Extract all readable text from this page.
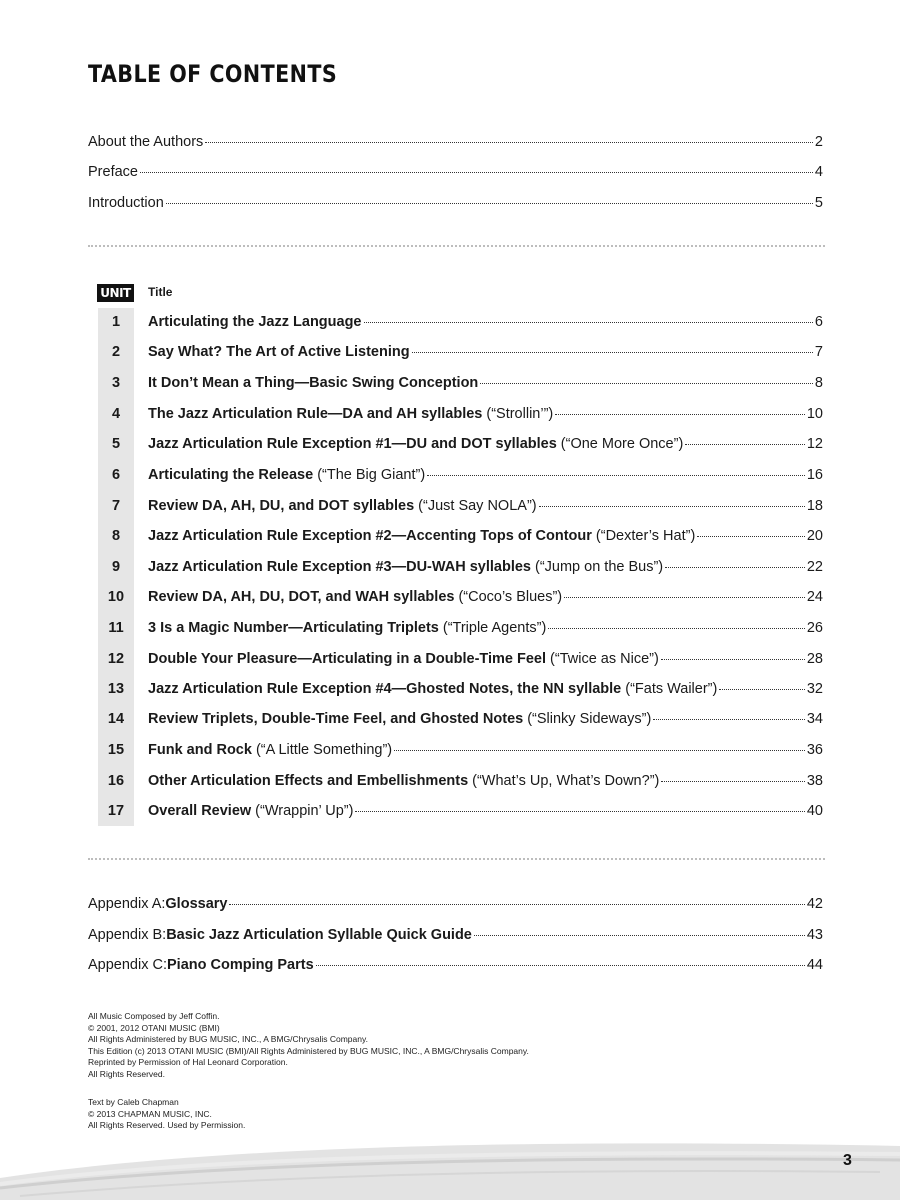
TABLE OF CONTENTS
About the Authors	2
Preface	4
Introduction	5
UNIT Title
1	Articulating the Jazz Language	6
2	Say What? The Art of Active Listening	7
3	It Don’t Mean a Thing—Basic Swing Conception	8
4	The Jazz Articulation Rule—DA and AH syllables (“Strollin’”)	10
5	Jazz Articulation Rule Exception #1—DU and DOT syllables (“One More Once”)	12
6	Articulating the Release (“The Big Giant”)	16
7	Review DA, AH, DU, and DOT syllables (“Just Say NOLA”)	18
8	Jazz Articulation Rule Exception #2—Accenting Tops of Contour (“Dexter’s Hat”)	20
9	Jazz Articulation Rule Exception #3—DU-WAH syllables (“Jump on the Bus”)	22
10	Review DA, AH, DU, DOT, and WAH syllables (“Coco’s Blues”)	24
11	3 Is a Magic Number—Articulating Triplets (“Triple Agents”)	26
12	Double Your Pleasure—Articulating in a Double-Time Feel (“Twice as Nice”)	28
13	Jazz Articulation Rule Exception #4—Ghosted Notes, the NN syllable (“Fats Wailer”)	32
14	Review Triplets, Double-Time Feel, and Ghosted Notes (“Slinky Sideways”)	34
15	Funk and Rock (“A Little Something”)	36
16	Other Articulation Effects and Embellishments (“What’s Up, What’s Down?”)	38
17	Overall Review (“Wrappin’ Up”)	40
Appendix A: Glossary	42
Appendix B: Basic Jazz Articulation Syllable Quick Guide	43
Appendix C: Piano Comping Parts	44
All Music Composed by Jeff Coffin.
© 2001, 2012 OTANI MUSIC (BMI)
All Rights Administered by BUG MUSIC, INC., A BMG/Chrysalis Company.
This Edition (c) 2013 OTANI MUSIC (BMI)/All Rights Administered by BUG MUSIC, INC., A BMG/Chrysalis Company.
Reprinted by Permission of Hal Leonard Corporation.
All Rights Reserved.
Text by Caleb Chapman
© 2013 CHAPMAN MUSIC, INC.
All Rights Reserved. Used by Permission.
3
